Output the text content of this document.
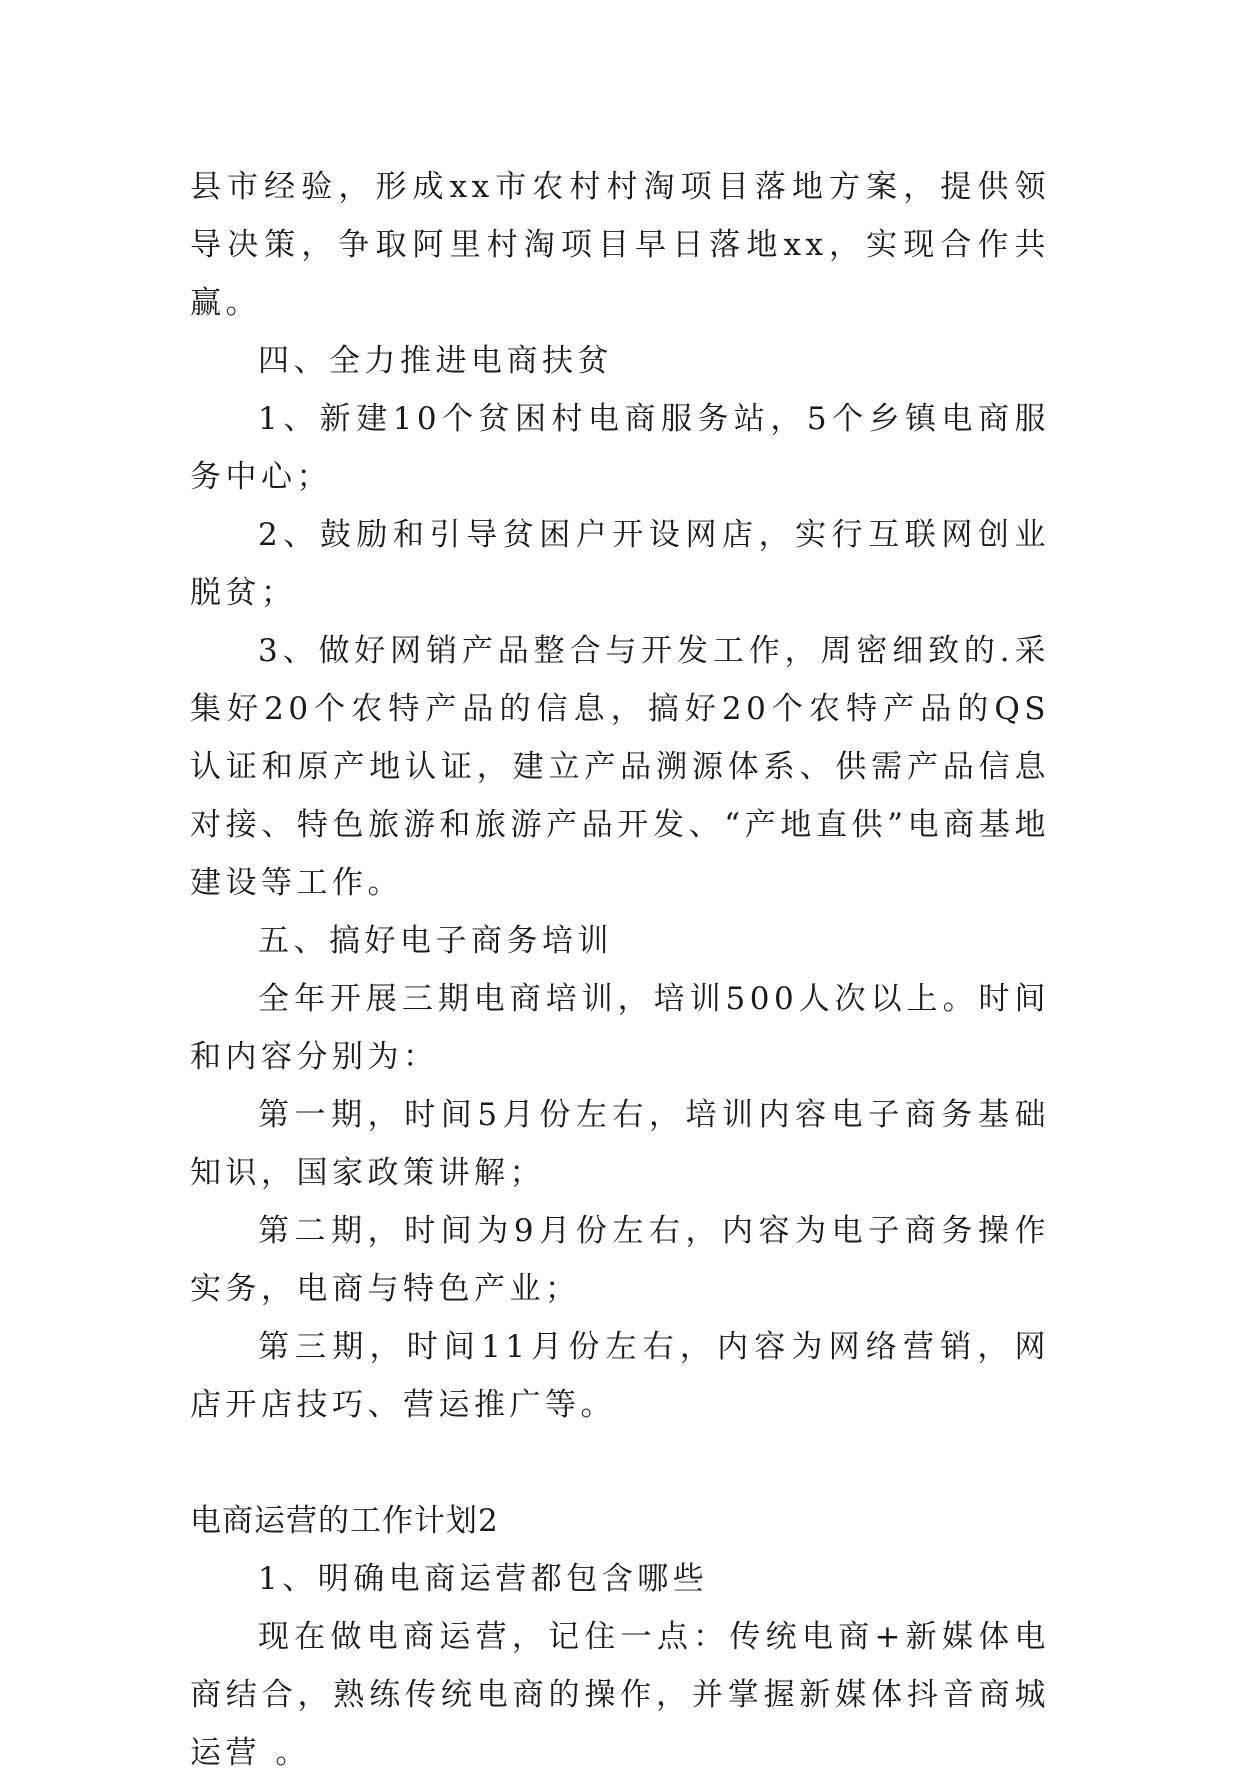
县市经验，形成xx市农村村淘项目落地方案，提供领导决策，争取阿里村淘项目早日落地xx，实现合作共赢。

四、全力推进电商扶贫

1、新建10个贫困村电商服务站，5个乡镇电商服务中心；

2、鼓励和引导贫困户开设网店，实行互联网创业脱贫；

3、做好网销产品整合与开发工作，周密细致的.采集好20个农特产品的信息，搞好20个农特产品的QS认证和原产地认证，建立产品溯源体系、供需产品信息对接、特色旅游和旅游产品开发、“产地直供”电商基地建设等工作。

五、搞好电子商务培训

全年开展三期电商培训，培训500人次以上。时间和内容分别为：

第一期，时间5月份左右，培训内容电子商务基础知识，国家政策讲解；

第二期，时间为9月份左右，内容为电子商务操作实务，电商与特色产业；

第三期，时间11月份左右，内容为网络营销，网店开店技巧、营运推广等。

电商运营的工作计划2

1、明确电商运营都包含哪些

现在做电商运营，记住一点：传统电商+新媒体电商结合，熟练传统电商的操作，并掌握新媒体抖音商城运营 。
